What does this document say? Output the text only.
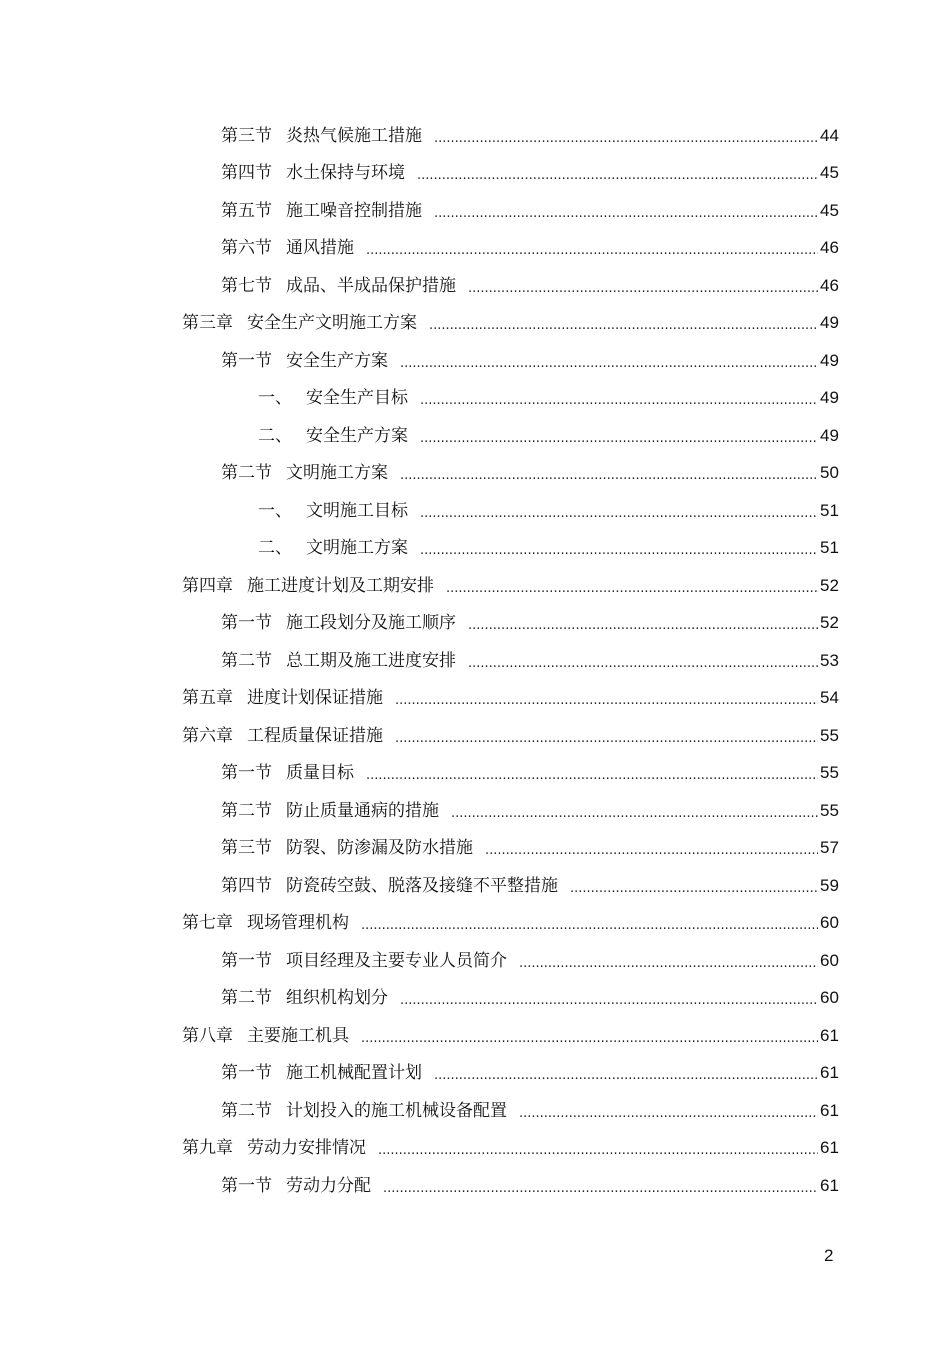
第三节 炎热气候施工措施 .....	44
第四节 水土保持与环境 .....	45
第五节 施工噪音控制措施 .....	45
第六节 通风措施 .....	46
第七节 成品、半成品保护措施 .....	46
第三章 安全生产文明施工方案 .....	49
第一节 安全生产方案 .....	49
一、 安全生产目标 .....	49
二、 安全生产方案 .....	49
第二节 文明施工方案 .....	50
一、 文明施工目标 .....	51
二、 文明施工方案 .....	51
第四章 施工进度计划及工期安排 .....	52
第一节 施工段划分及施工顺序 .....	52
第二节 总工期及施工进度安排 .....	53
第五章 进度计划保证措施 .....	54
第六章 工程质量保证措施 .....	55
第一节 质量目标 .....	55
第二节 防止质量通病的措施 .....	55
第三节 防裂、防渗漏及防水措施 .....	57
第四节 防瓷砖空鼓、脱落及接缝不平整措施 .....	59
第七章 现场管理机构 .....	60
第一节 项目经理及主要专业人员简介 .....	60
第二节 组织机构划分 .....	60
第八章 主要施工机具 .....	61
第一节 施工机械配置计划 .....	61
第二节 计划投入的施工机械设备配置 .....	61
第九章 劳动力安排情况 .....	61
第一节 劳动力分配 .....	61
2
